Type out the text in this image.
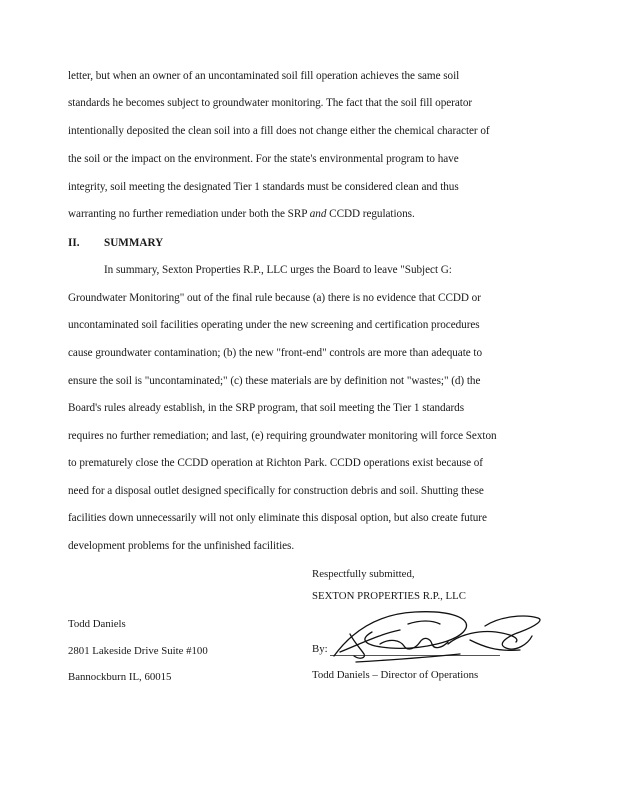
letter, but when an owner of an uncontaminated soil fill operation achieves the same soil
standards he becomes subject to groundwater monitoring. The fact that the soil fill operator
intentionally deposited the clean soil into a fill does not change either the chemical character of
the soil or the impact on the environment. For the state's environmental program to have
integrity, soil meeting the designated Tier 1 standards must be considered clean and thus
warranting no further remediation under both the SRP and CCDD regulations.
II. SUMMARY
In summary, Sexton Properties R.P., LLC urges the Board to leave "Subject G:
Groundwater Monitoring" out of the final rule because (a) there is no evidence that CCDD or
uncontaminated soil facilities operating under the new screening and certification procedures
cause groundwater contamination; (b) the new "front-end" controls are more than adequate to
ensure the soil is "uncontaminated;" (c) these materials are by definition not "wastes;" (d) the
Board's rules already establish, in the SRP program, that soil meeting the Tier 1 standards
requires no further remediation; and last, (e) requiring groundwater monitoring will force Sexton
to prematurely close the CCDD operation at Richton Park. CCDD operations exist because of
need for a disposal outlet designed specifically for construction debris and soil. Shutting these
facilities down unnecessarily will not only eliminate this disposal option, but also create future
development problems for the unfinished facilities.
Respectfully submitted,
SEXTON PROPERTIES R.P., LLC
Todd Daniels
2801 Lakeside Drive Suite #100
Bannockburn IL, 60015
By:
Todd Daniels – Director of Operations
